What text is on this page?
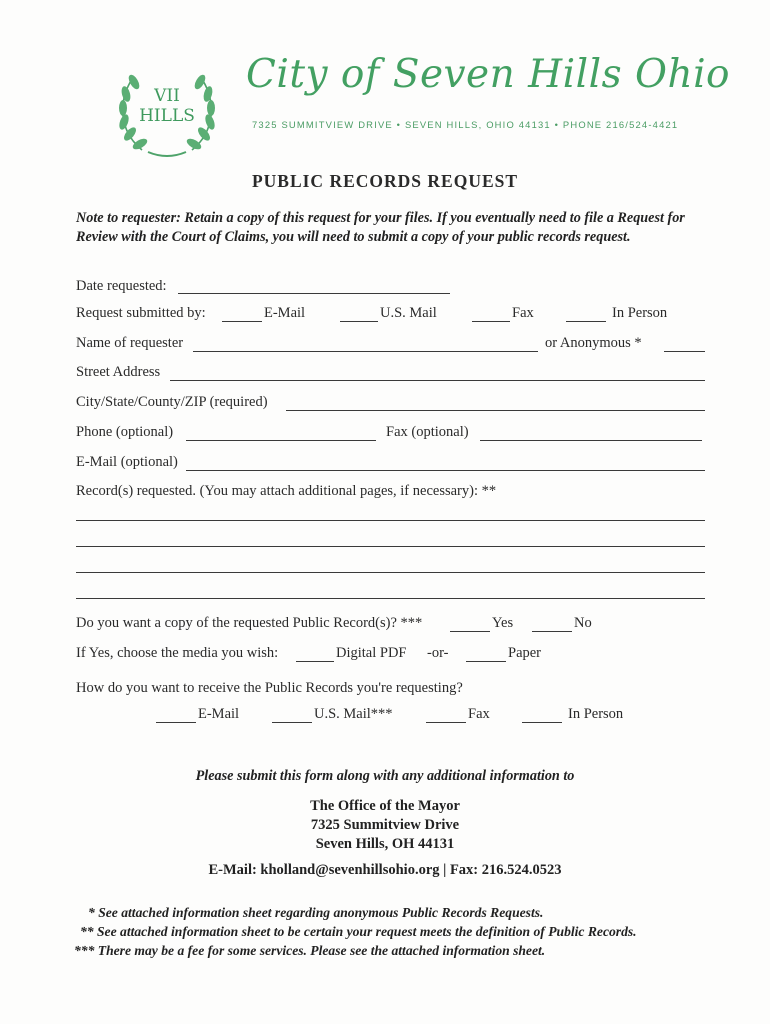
VII
HILLS
City of Seven Hills Ohio
7325 SUMMITVIEW DRIVE • SEVEN HILLS, OHIO 44131 • PHONE 216/524-4421
PUBLIC RECORDS REQUEST
Note to requester: Retain a copy of this request for your files. If you eventually need to file a Request for Review with the Court of Claims, you will need to submit a copy of your public records request.
Date requested:
Request submitted by:	E-Mail	U.S. Mail	Fax	In Person
Name of requester	or Anonymous *
Street Address
City/State/County/ZIP (required)
Phone (optional)	Fax (optional)
E-Mail (optional)
Record(s) requested. (You may attach additional pages, if necessary): **
Do you want a copy of the requested Public Record(s)? ***	Yes	No
If Yes, choose the media you wish:	Digital PDF -or-	Paper
How do you want to receive the Public Records you're requesting?
E-Mail	U.S. Mail***	Fax	In Person
Please submit this form along with any additional information to
The Office of the Mayor
7325 Summitview Drive
Seven Hills, OH 44131
E-Mail: kholland@sevenhillsohio.org | Fax: 216.524.0523
* See attached information sheet regarding anonymous Public Records Requests.
** See attached information sheet to be certain your request meets the definition of Public Records.
*** There may be a fee for some services. Please see the attached information sheet.
